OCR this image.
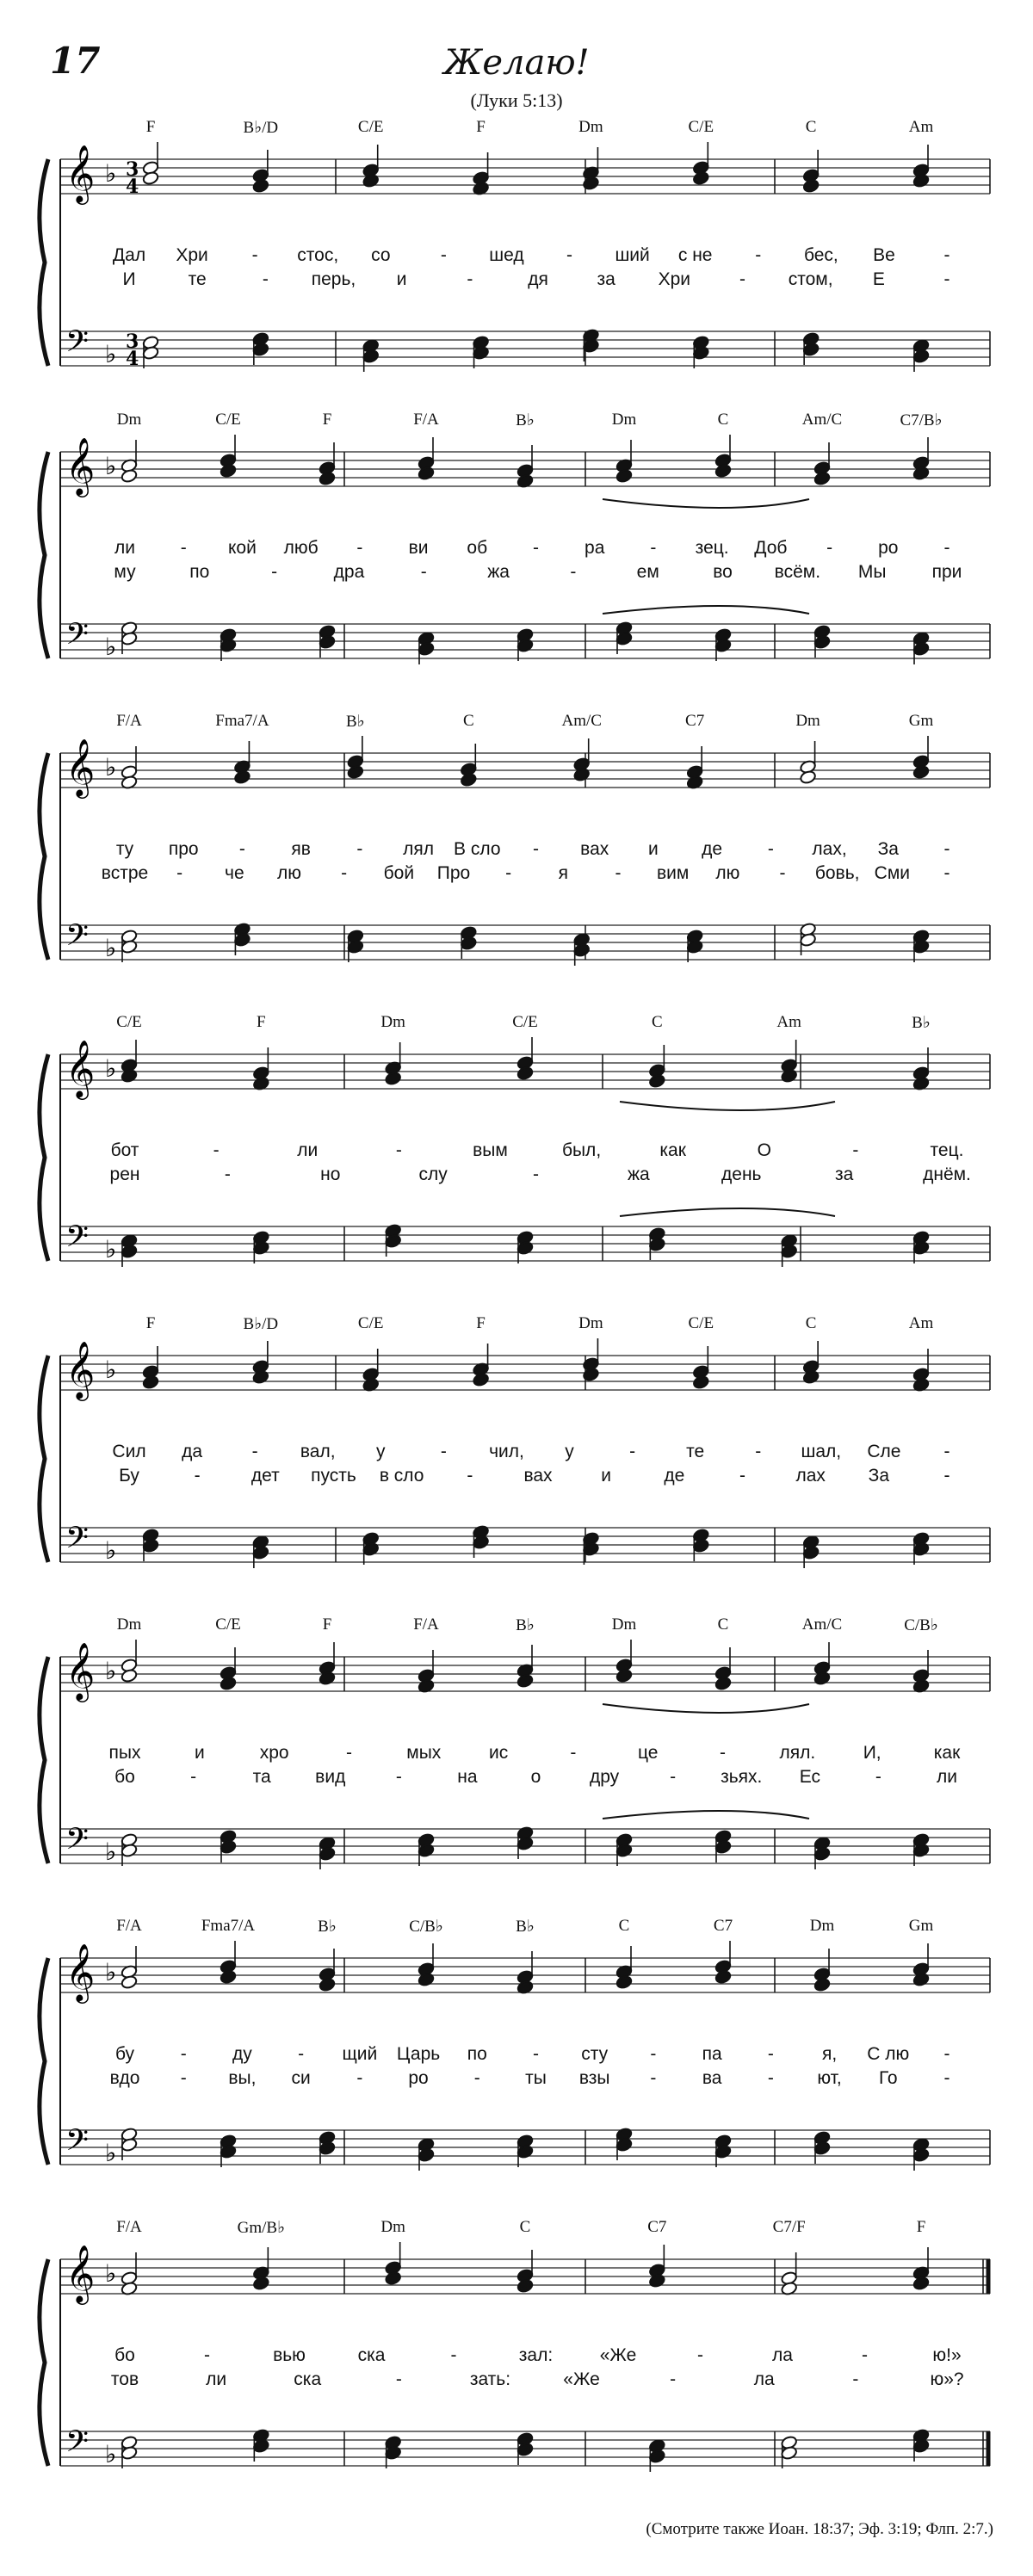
17	Желаю!
(Луки 5:13)
𝄞
𝄢
♭
♭
3
4
3
4
𝄞
𝄢
♭
♭
𝄞
𝄢
♭
♭
𝄞
𝄢
♭
♭
𝄞
𝄢
♭
♭
𝄞
𝄢
♭
♭
𝄞
𝄢
♭
♭
𝄞
𝄢
♭
♭
F	B♭/D	C/E	F	Dm	C/E	C	Am
Дал Хри - стос, со	- шед - ший с не - бес, Ве	-
И	те	- перь, и	-	дя	за Хри	- стом, Е	-
Dm	C/E	F	F/A	B♭	Dm	C	Am/C	C7/B♭
ли	- кой люб -	ви об	-	ра	- зец. Доб -	ро	-
му	по	-	дра	-	жа	-	ем	во всём. Мы	при
F/A	Fma7/A	B♭	C	Am/C	C7	Dm	Gm
ту про -	яв	- лял В сло - вах и де	- лах, За	-
встре - че лю - бой Про -	я	- вим лю - бовь, Сми -
C/E	F	Dm	C/E	C	Am	B♭
бот	-	ли	-	вым	был,	как	О	-	тец.
рен	-	но	слу	-	жа	день	за	днём.
F	B♭/D	C/E	F	Dm	C/E	C	Am
Сил да	- вал, у	- чил, у	-	те	- шал, Сле -
Бу	-	дет пусть в сло -	вах	и	де	-	лах За	-
Dm	C/E	F	F/A	B♭	Dm	C	Am/C	C/B♭
пых	и	хро	-	мых	ис	-	це	-	лял.	И,	как
бо	-	та вид	-	на	о	дру	- зьях. Ес	-	ли
F/A	Fma7/A	B♭	C/B♭	B♭	C	C7	Dm	Gm
бу	-	ду	- щий Царь по	- сту -	па	-	я, С лю -
вдо - вы, си	-	ро	- ты взы -	ва	- ют, Го	-
F/A	Gm/B♭	Dm	C	C7	C7/F	F
бо	-	вью	ска	-	зал:	«Же	-	ла	-	ю!»
тов	ли	ска	-	зать:	«Же	-	ла	-	ю»?
(Смотрите также Иоан. 18:37; Эф. 3:19; Флп. 2:7.)
